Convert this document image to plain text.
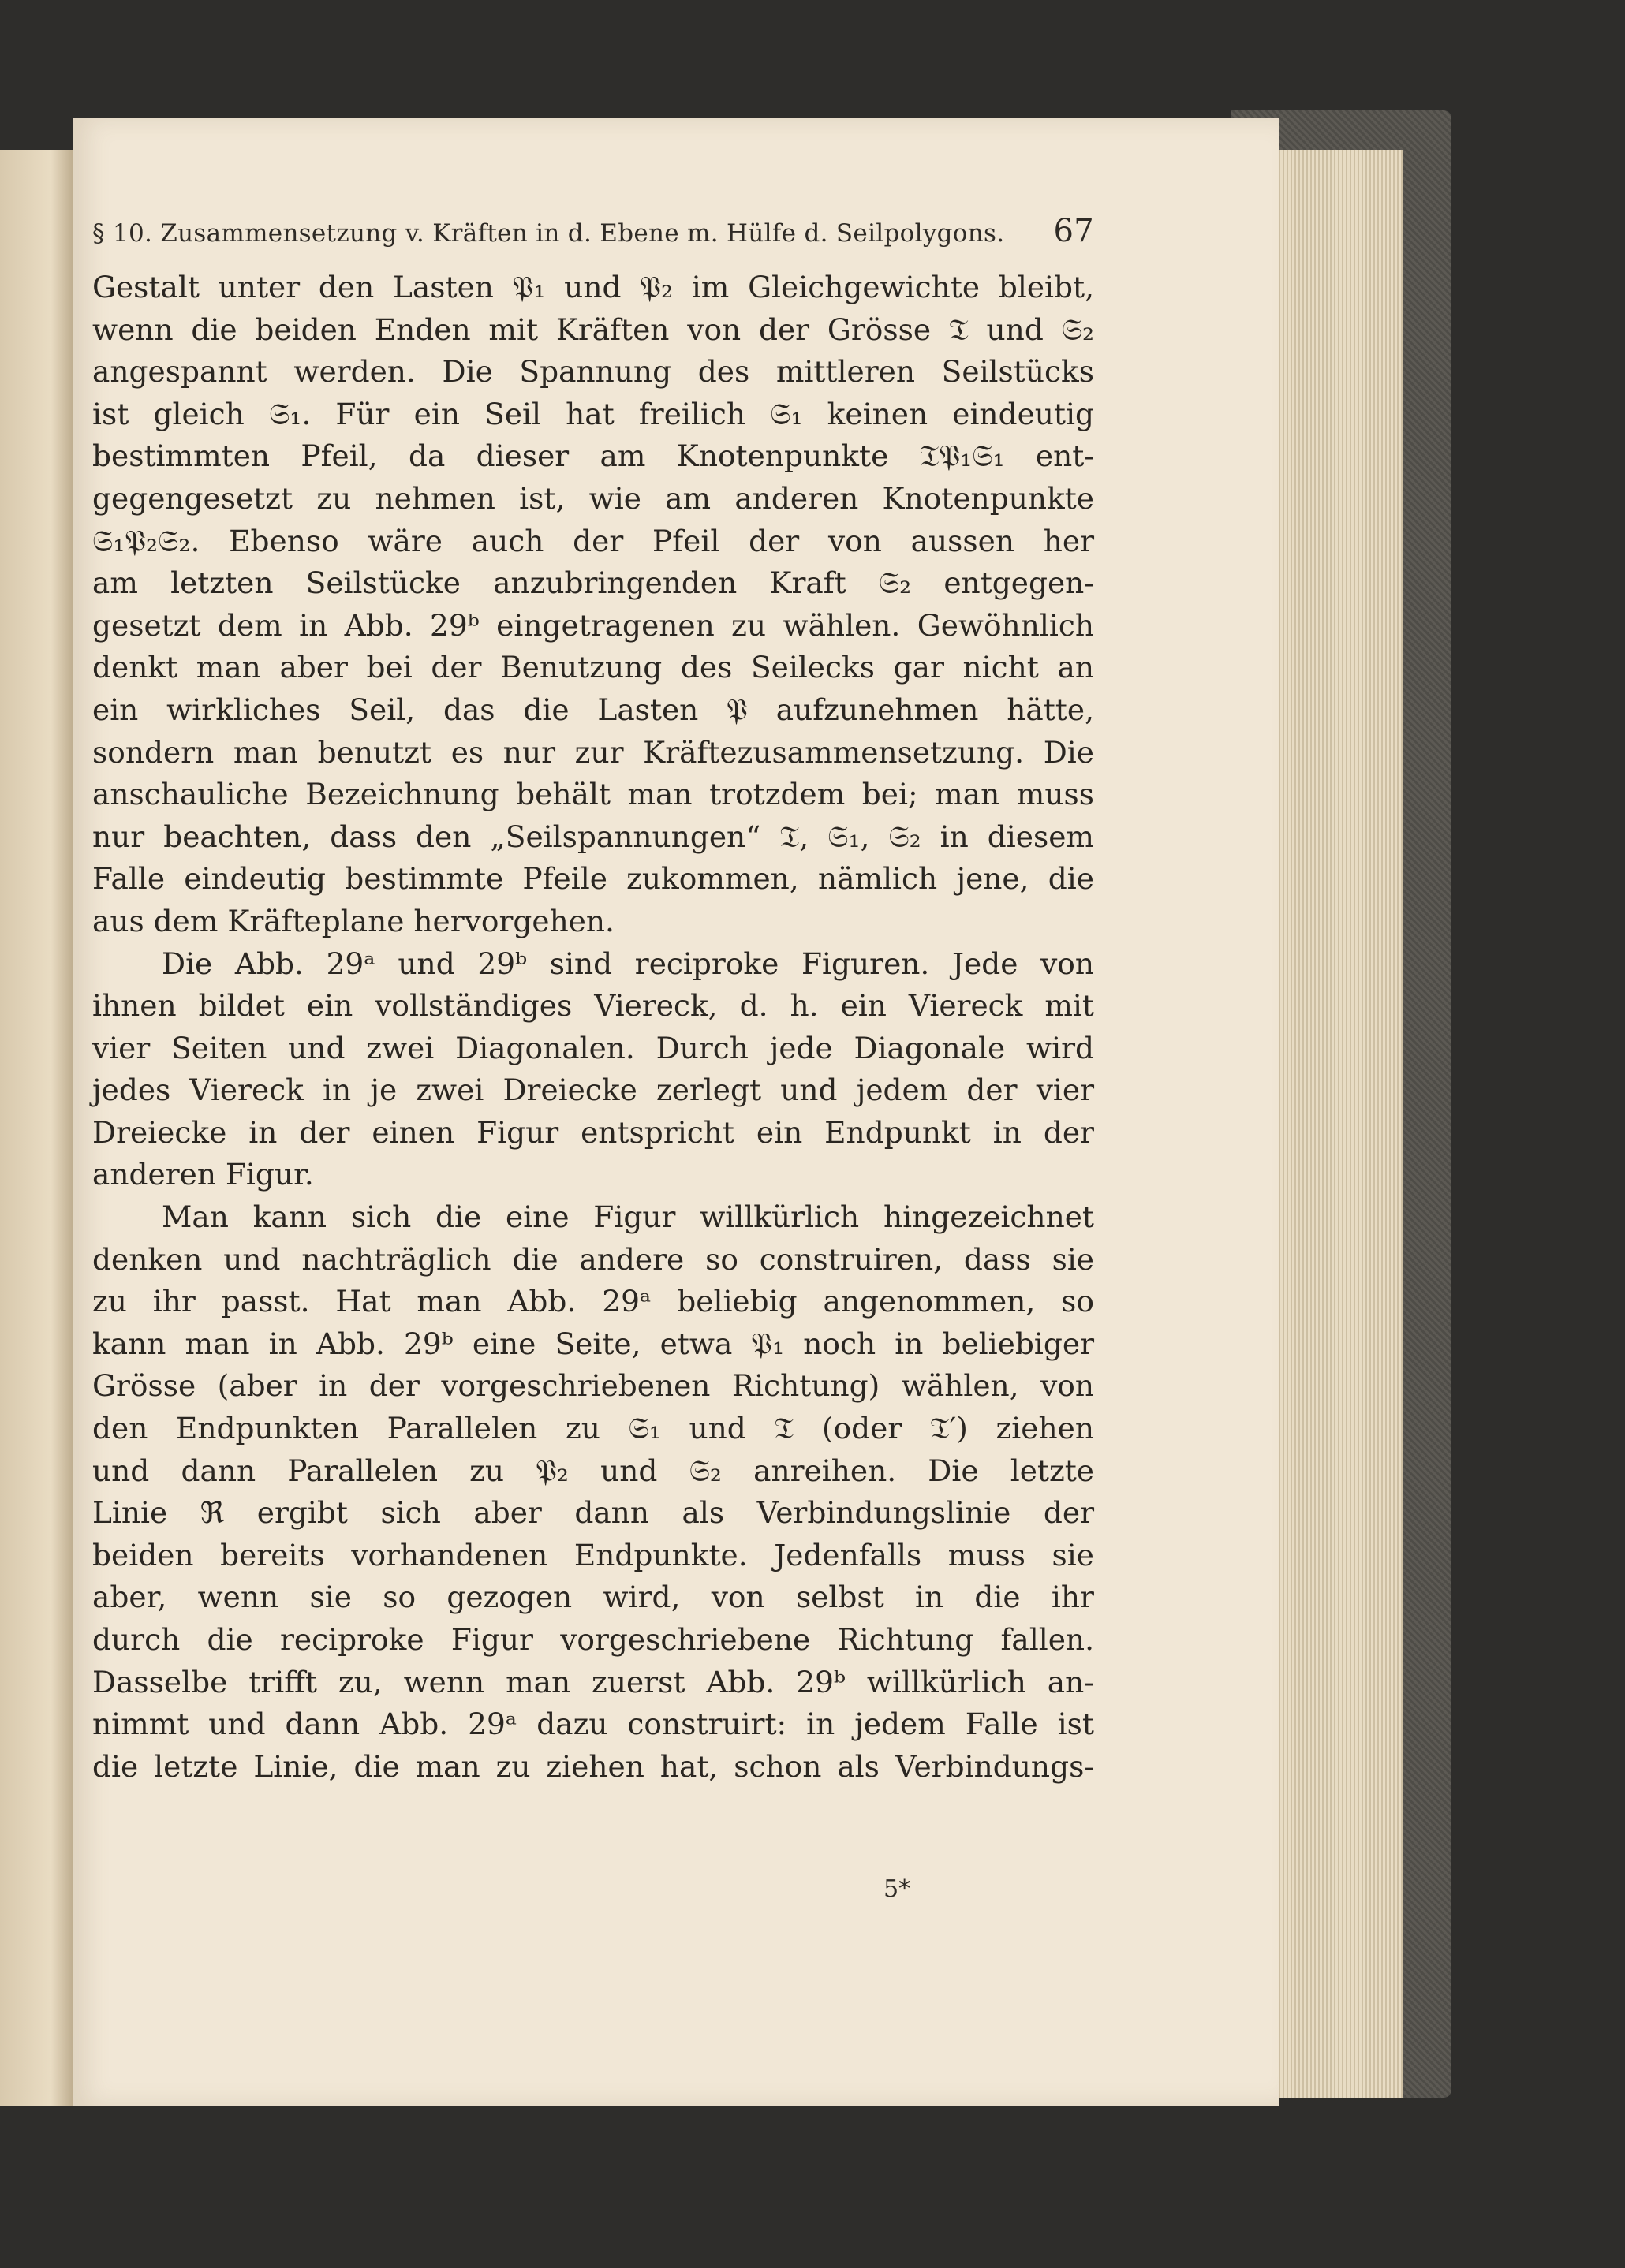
§ 10. Zusammensetzung v. Kräften in d. Ebene m. Hülfe d. Seilpolygons. 67
Gestalt unter den Lasten 𝔓₁ und 𝔓₂ im Gleichgewichte bleibt,
wenn die beiden Enden mit Kräften von der Grösse 𝔗 und 𝔖₂
angespannt werden. Die Spannung des mittleren Seilstücks
ist gleich 𝔖₁. Für ein Seil hat freilich 𝔖₁ keinen eindeutig
bestimmten Pfeil, da dieser am Knotenpunkte 𝔗𝔓₁𝔖₁ ent-
gegengesetzt zu nehmen ist, wie am anderen Knotenpunkte
𝔖₁𝔓₂𝔖₂. Ebenso wäre auch der Pfeil der von aussen her
am letzten Seilstücke anzubringenden Kraft 𝔖₂ entgegen-
gesetzt dem in Abb. 29ᵇ eingetragenen zu wählen. Gewöhnlich
denkt man aber bei der Benutzung des Seilecks gar nicht an
ein wirkliches Seil, das die Lasten 𝔓 aufzunehmen hätte,
sondern man benutzt es nur zur Kräftezusammensetzung. Die
anschauliche Bezeichnung behält man trotzdem bei; man muss
nur beachten, dass den „Seilspannungen“ 𝔗, 𝔖₁, 𝔖₂ in diesem
Falle eindeutig bestimmte Pfeile zukommen, nämlich jene, die
aus dem Kräfteplane hervorgehen.
Die Abb. 29ᵃ und 29ᵇ sind reciproke Figuren. Jede von
ihnen bildet ein vollständiges Viereck, d. h. ein Viereck mit
vier Seiten und zwei Diagonalen. Durch jede Diagonale wird
jedes Viereck in je zwei Dreiecke zerlegt und jedem der vier
Dreiecke in der einen Figur entspricht ein Endpunkt in der
anderen Figur.
Man kann sich die eine Figur willkürlich hingezeichnet
denken und nachträglich die andere so construiren, dass sie
zu ihr passt. Hat man Abb. 29ᵃ beliebig angenommen, so
kann man in Abb. 29ᵇ eine Seite, etwa 𝔓₁ noch in beliebiger
Grösse (aber in der vorgeschriebenen Richtung) wählen, von
den Endpunkten Parallelen zu 𝔖₁ und 𝔗 (oder 𝔗′) ziehen
und dann Parallelen zu 𝔓₂ und 𝔖₂ anreihen. Die letzte
Linie ℜ ergibt sich aber dann als Verbindungslinie der
beiden bereits vorhandenen Endpunkte. Jedenfalls muss sie
aber, wenn sie so gezogen wird, von selbst in die ihr
durch die reciproke Figur vorgeschriebene Richtung fallen.
Dasselbe trifft zu, wenn man zuerst Abb. 29ᵇ willkürlich an-
nimmt und dann Abb. 29ᵃ dazu construirt: in jedem Falle ist
die letzte Linie, die man zu ziehen hat, schon als Verbindungs-
5*
